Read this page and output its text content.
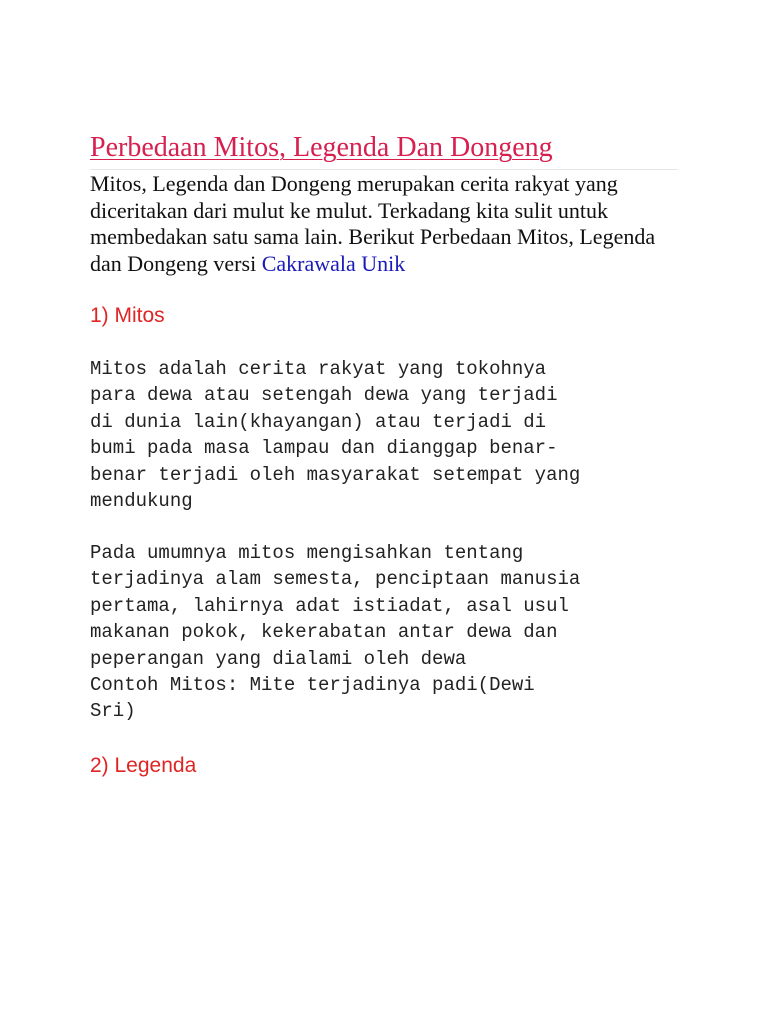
Perbedaan Mitos, Legenda Dan Dongeng

Mitos, Legenda dan Dongeng merupakan cerita rakyat yang diceritakan dari mulut ke mulut. Terkadang kita sulit untuk membedakan satu sama lain. Berikut Perbedaan Mitos, Legenda dan Dongeng versi Cakrawala Unik

1) Mitos
Mitos adalah cerita rakyat yang tokohnya
para dewa atau setengah dewa yang terjadi
di dunia lain(khayangan) atau terjadi di
bumi pada masa lampau dan dianggap benar-
benar terjadi oleh masyarakat setempat yang
mendukung
Pada umumnya mitos mengisahkan tentang
terjadinya alam semesta, penciptaan manusia
pertama, lahirnya adat istiadat, asal usul
makanan pokok, kekerabatan antar dewa dan
peperangan yang dialami oleh dewa
Contoh Mitos: Mite terjadinya padi(Dewi
Sri)
2) Legenda
